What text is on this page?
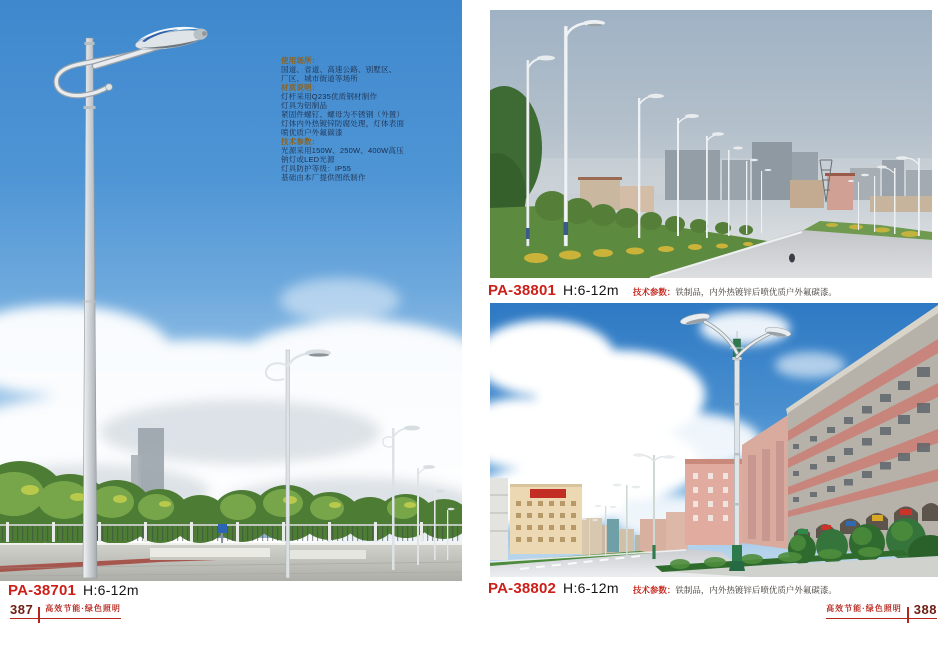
使用场所：
国道、省道、高速公路、别墅区、
厂区、城市街道等场所
材质说明：
灯杆采用Q235优质钢材制作
灯具为铝制品
紧固件螺钉、螺母为不锈钢（外置）
灯体内外热镀锌防腐处理，灯体表面
喷优质户外氟碳漆
技术参数：
光源采用150W、250W、400W高压
钠灯或LED光源
灯具防护等级：IP55
基础由本厂提供图纸制作
PA-38701 H:6-12m
PA-38801 H:6-12m 技术参数：铁制品，内外热镀锌后喷优质户外氟碳漆。
PA-38802 H:6-12m 技术参数：铁制品，内外热镀锌后喷优质户外氟碳漆。
387 高效节能·绿色照明	高效节能·绿色照明 388
